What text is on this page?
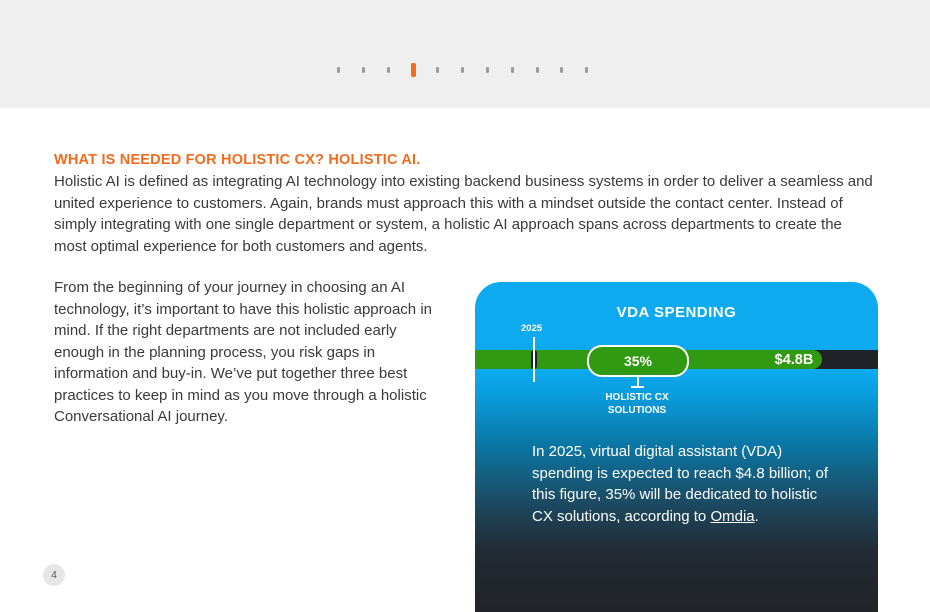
WHAT IS NEEDED FOR HOLISTIC CX? HOLISTIC AI.

Holistic AI is defined as integrating AI technology into existing backend business systems in order to deliver a seamless and united experience to customers. Again, brands must approach this with a mindset outside the contact center. Instead of simply integrating with one single department or system, a holistic AI approach spans across departments to create the most optimal experience for both customers and agents.

From the beginning of your journey in choosing an AI technology, it’s important to have this holistic approach in mind. If the right departments are not included early enough in the planning process, you risk gaps in information and buy-in. We’ve put together three best practices to keep in mind as you move through a holistic Conversational AI journey.

VDA SPENDING
2025
35%	$4.8B
HOLISTIC CX
SOLUTIONS
In 2025, virtual digital assistant (VDA) spending is expected to reach $4.8 billion; of this figure, 35% will be dedicated to holistic CX solutions, according to Omdia.
4
